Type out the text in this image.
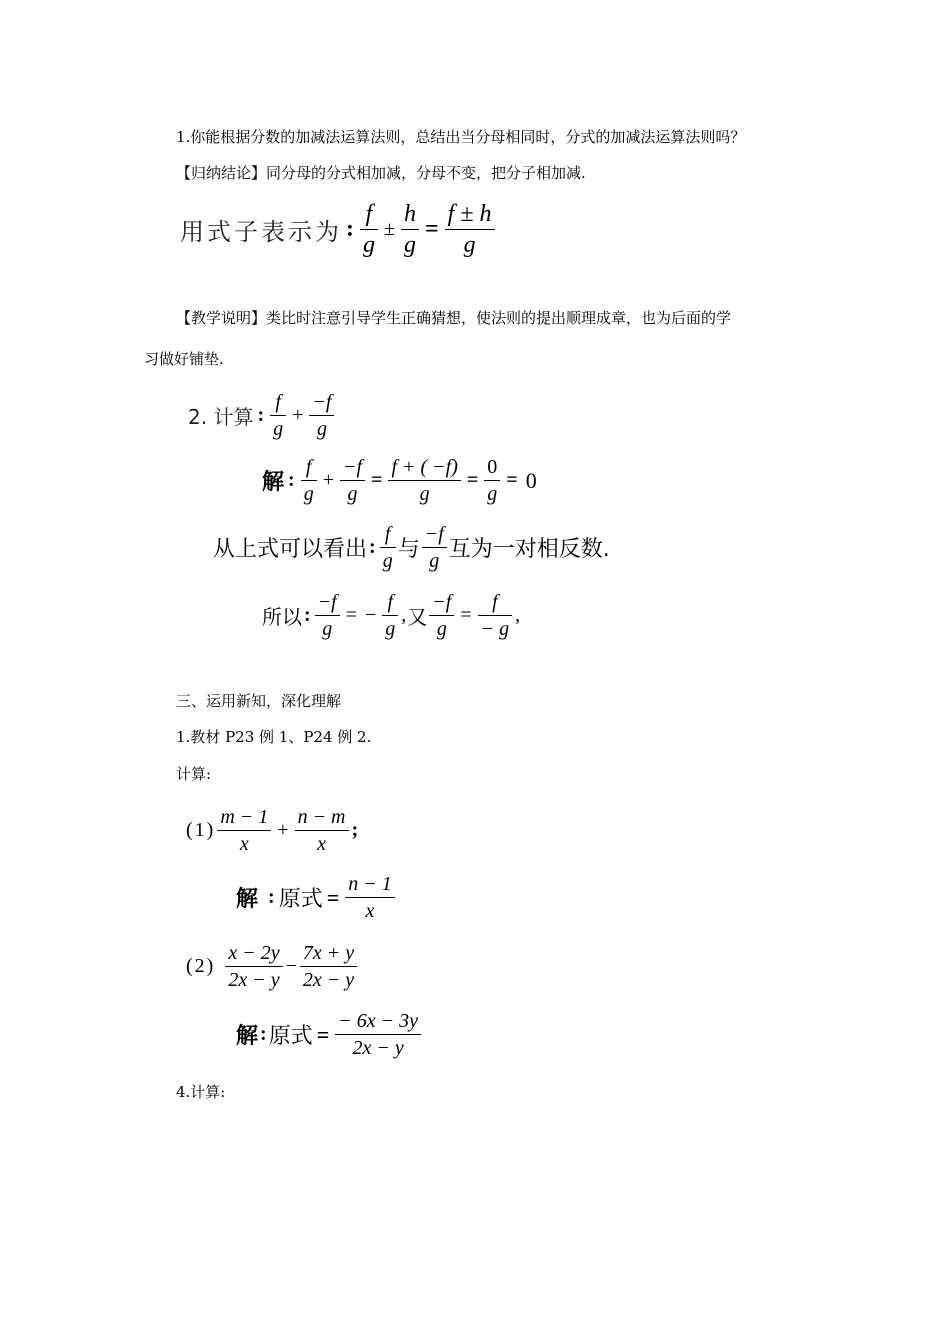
1.你能根据分数的加减法运算法则，总结出当分母相同时，分式的加减法运算法则吗？
【归纳结论】同分母的分式相加减，分母不变，把分子相加减.
用式子表示为 : $\frac{f}{g} \pm \frac{h}{g} = \frac{f \pm h}{g}$
【教学说明】类比时注意引导学生正确猜想，使法则的提出顺理成章，也为后面的学
习做好铺垫.
2. 计算 : $\frac{f}{g} + \frac{-f}{g}$
解 : $\frac{f}{g} + \frac{-f}{g} = \frac{f + ( -f)}{g} = \frac{0}{g} = 0$
从上式可以看出 : $\frac{f}{g}$ 与 $\frac{-f}{g}$ 互为一对相反数.
所以 : $\frac{-f}{g}$ = − $\frac{f}{g}$ , 又 $\frac{-f}{g} = \frac{f}{- g}$ ,
三、运用新知，深化理解
1.教材 P23 例 1、P24 例 2.
计算:
$(1) \frac{m - 1}{x} + \frac{n - m}{x}$ ;
解 : 原式 = $\frac{n - 1}{x}$
$(2) \frac{x - 2y}{2x - y} - \frac{7x + y}{2x - y}$
解 : 原式 = $\frac{- 6x - 3y}{2x - y}$
4.计算:
